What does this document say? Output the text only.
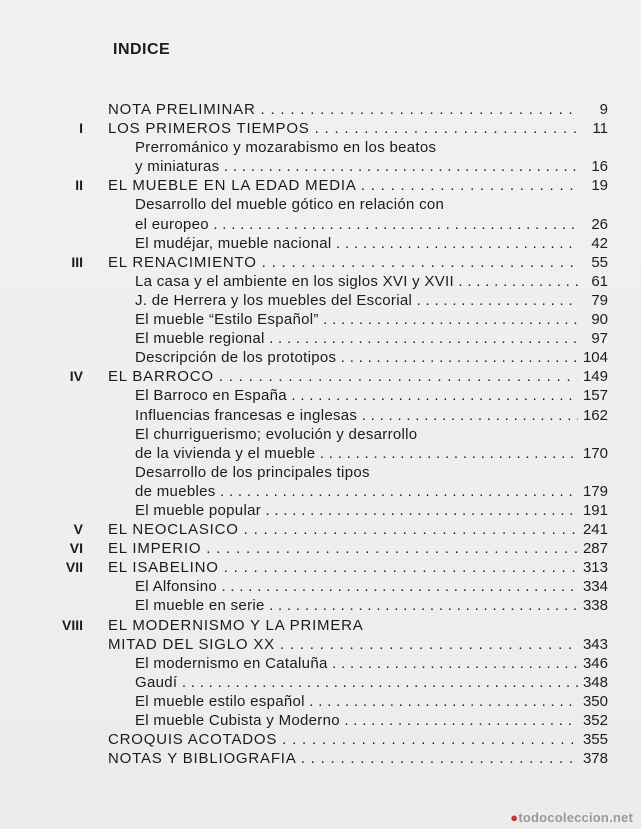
INDICE
NOTA PRELIMINAR . . .	9
I LOS PRIMEROS TIEMPOS . . .	11
Prerrománico y mozarabismo en los beatos
y miniaturas . . .	16
II EL MUEBLE EN LA EDAD MEDIA . . .	19
Desarrollo del mueble gótico en relación con
el europeo . . .	26
El mudéjar, mueble nacional . . .	42
III EL RENACIMIENTO . . .	55
La casa y el ambiente en los siglos XVI y XVII . . .	61
J. de Herrera y los muebles del Escorial . . .	79
El mueble “Estilo Español” . . .	90
El mueble regional . . .	97
Descripción de los prototipos . . .	104
IV EL BARROCO . . .	149
El Barroco en España . . .	157
Influencias francesas e inglesas . . .	162
El churriguerismo; evolución y desarrollo
de la vivienda y el mueble . . .	170
Desarrollo de los principales tipos
de muebles . . .	179
El mueble popular . . .	191
V EL NEOCLASICO . . .	241
VI EL IMPERIO . . .	287
VII EL ISABELINO . . .	313
El Alfonsino . . .	334
El mueble en serie . . .	338
VIII EL MODERNISMO Y LA PRIMERA
MITAD DEL SIGLO XX . . .	343
El modernismo en Cataluña . . .	346
Gaudí . . .	348
El mueble estilo español . . .	350
El mueble Cubista y Moderno . . .	352
CROQUIS ACOTADOS . . .	355
NOTAS Y BIBLIOGRAFIA . . .	378
●todocoleccion.net
